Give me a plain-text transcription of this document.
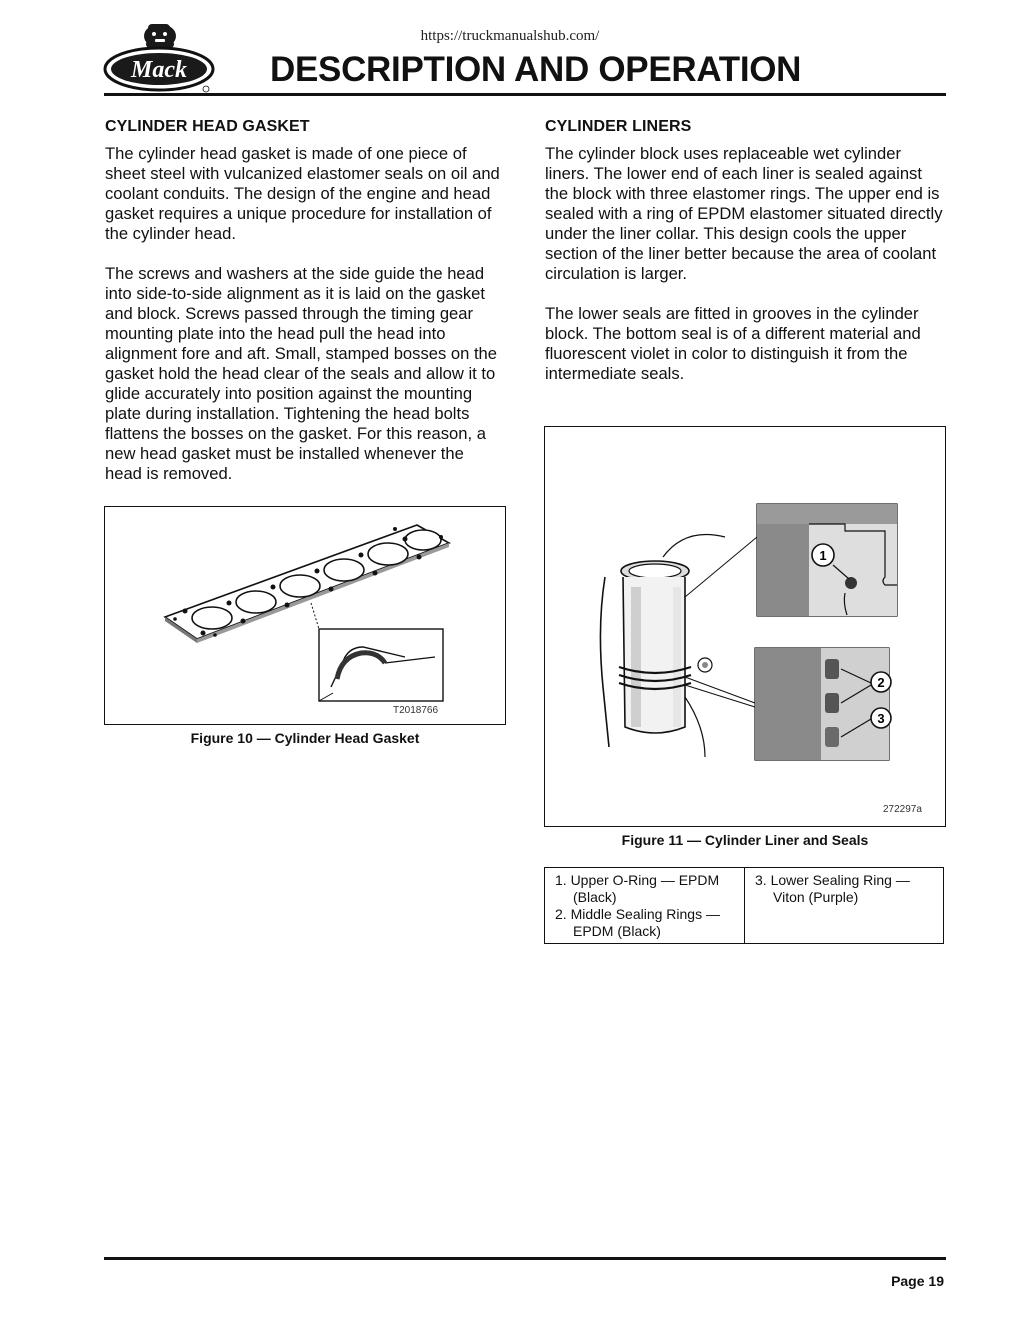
https://truckmanualshub.com/
Mack DESCRIPTION AND OPERATION
CYLINDER HEAD GASKET

The cylinder head gasket is made of one piece of sheet steel with vulcanized elastomer seals on oil and coolant conduits. The design of the engine and head gasket requires a unique procedure for installation of the cylinder head.

The screws and washers at the side guide the head into side-to-side alignment as it is laid on the gasket and block. Screws passed through the timing gear mounting plate into the head pull the head into alignment fore and aft. Small, stamped bosses on the gasket hold the head clear of the seals and allow it to glide accurately into position against the mounting plate during installation. Tightening the head bolts flattens the bosses on the gasket. For this reason, a new head gasket must be installed whenever the head is removed.

T2018766
Figure 10 — Cylinder Head Gasket
CYLINDER LINERS

The cylinder block uses replaceable wet cylinder liners. The lower end of each liner is sealed against the block with three elastomer rings. The upper end is sealed with a ring of EPDM elastomer situated directly under the liner collar. This design cools the upper section of the liner better because the area of coolant circulation is larger.

The lower seals are fitted in grooves in the cylinder block. The bottom seal is of a different material and fluorescent violet in color to distinguish it from the intermediate seals.

1
2
3
272297a
Figure 11 — Cylinder Liner and Seals
1. Upper O-Ring — EPDM (Black)
2. Middle Sealing Rings — EPDM (Black)
3. Lower Sealing Ring — Viton (Purple)
Page 19
